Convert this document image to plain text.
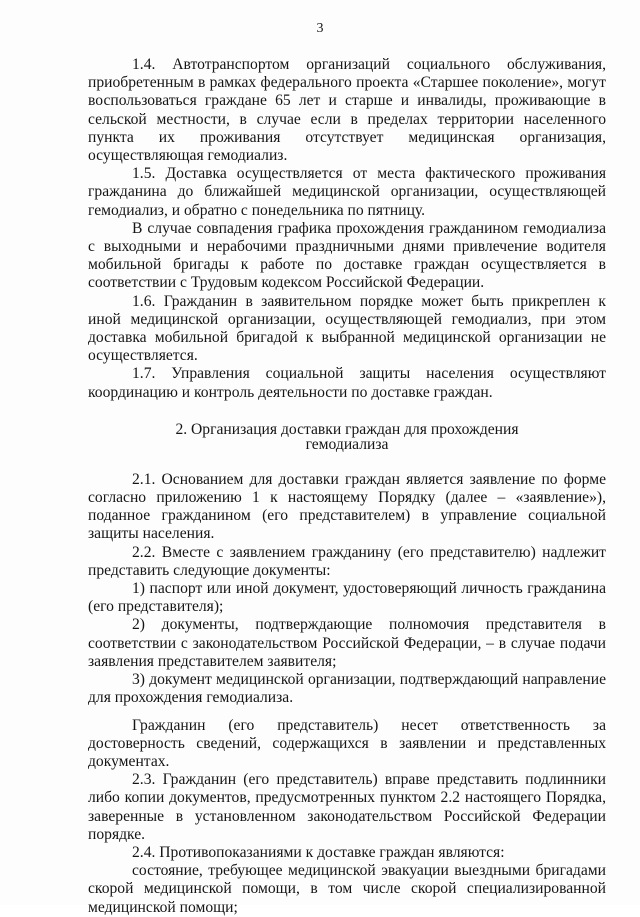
3

1.4. Автотранспортом организаций социального обслуживания, приобретенным в рамках федерального проекта «Старшее поколение», могут воспользоваться граждане 65 лет и старше и инвалиды, проживающие в сельской местности, в случае если в пределах территории населенного пункта их проживания отсутствует медицинская организация, осуществляющая гемодиализ.

1.5. Доставка осуществляется от места фактического проживания гражданина до ближайшей медицинской организации, осуществляющей гемодиализ, и обратно с понедельника по пятницу.

В случае совпадения графика прохождения гражданином гемодиализа с выходными и нерабочими праздничными днями привлечение водителя мобильной бригады к работе по доставке граждан осуществляется в соответствии с Трудовым кодексом Российской Федерации.

1.6. Гражданин в заявительном порядке может быть прикреплен к иной медицинской организации, осуществляющей гемодиализ, при этом доставка мобильной бригадой к выбранной медицинской организации не осуществляется.

1.7. Управления социальной защиты населения осуществляют координацию и контроль деятельности по доставке граждан.

2. Организация доставки граждан для прохождения
гемодиализа

2.1. Основанием для доставки граждан является заявление по форме согласно приложению 1 к настоящему Порядку (далее – «заявление»), поданное гражданином (его представителем) в управление социальной защиты населения.

2.2. Вместе с заявлением гражданину (его представителю) надлежит представить следующие документы:

1) паспорт или иной документ, удостоверяющий личность гражданина (его представителя);

2) документы, подтверждающие полномочия представителя в соответствии с законодательством Российской Федерации, – в случае подачи заявления представителем заявителя;

3) документ медицинской организации, подтверждающий направление для прохождения гемодиализа.

Гражданин (его представитель) несет ответственность за достоверность сведений, содержащихся в заявлении и представленных документах.

2.3. Гражданин (его представитель) вправе представить подлинники либо копии документов, предусмотренных пунктом 2.2 настоящего Порядка, заверенные в установленном законодательством Российской Федерации порядке.

2.4. Противопоказаниями к доставке граждан являются:

состояние, требующее медицинской эвакуации выездными бригадами скорой медицинской помощи, в том числе скорой специализированной медицинской помощи;
